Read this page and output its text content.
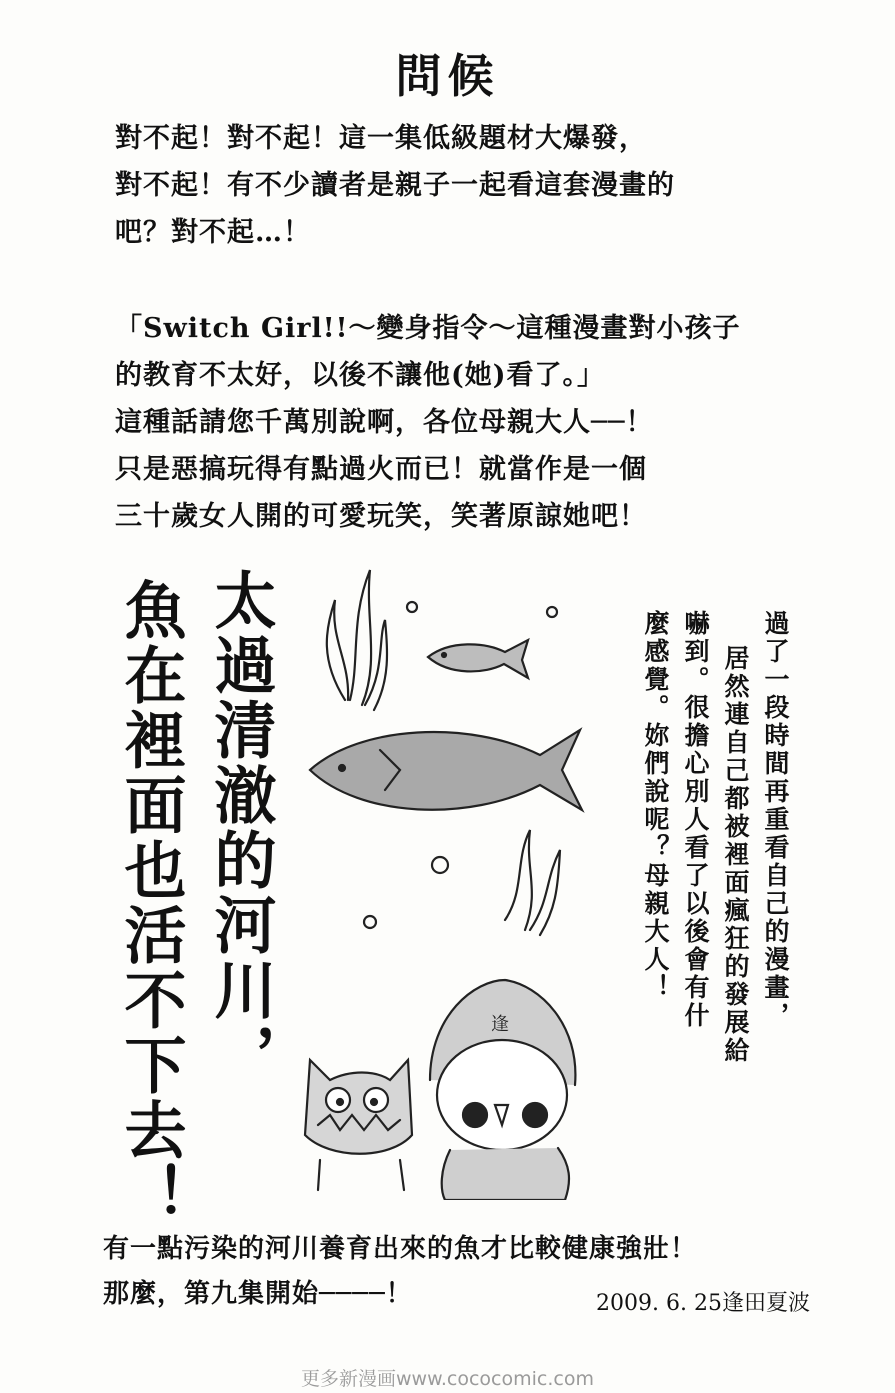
問候
對不起！對不起！這一集低級題材大爆發，
對不起！有不少讀者是親子一起看這套漫畫的
吧？對不起…！
「Switch Girl!!～變身指令～這種漫畫對小孩子
的教育不太好，以後不讓他(她)看了。」
這種話請您千萬別說啊，各位母親大人──！
只是惡搞玩得有點過火而已！就當作是一個
三十歲女人開的可愛玩笑，笑著原諒她吧！
太過清澈的河川，
魚在裡面也活不下去！	過了一段時間再重看自己的漫畫，
居然連自己都被裡面瘋狂的發展給
嚇到。很擔心別人看了以後會有什
麼感覺。妳們說呢？母親大人！
逢
有一點污染的河川養育出來的魚才比較健康強壯！
那麼，第九集開始────！	2009. 6. 25逢田夏波
更多新漫画www.cococomic.com
